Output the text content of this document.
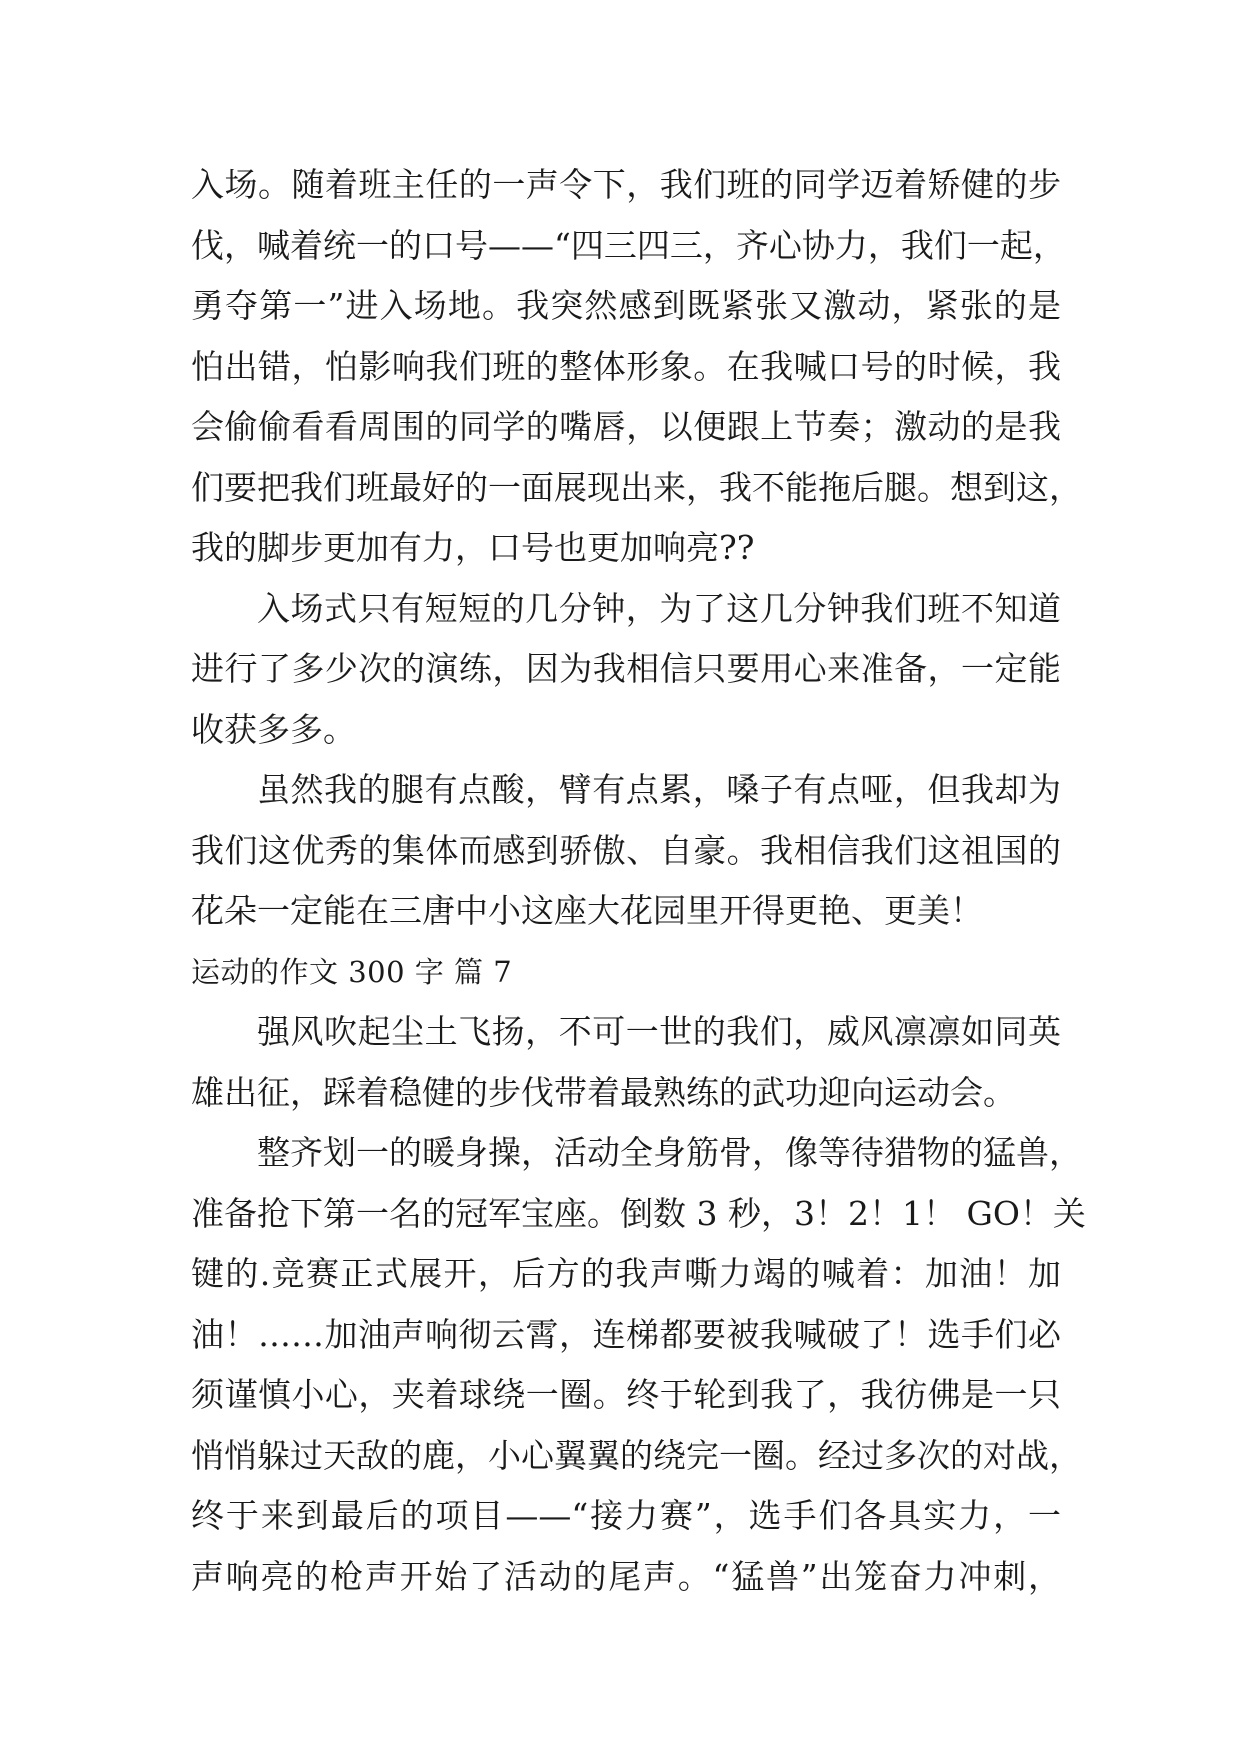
入场。随着班主任的一声令下，我们班的同学迈着矫健的步
伐，喊着统一的口号——“四三四三，齐心协力，我们一起，
勇夺第一”进入场地。我突然感到既紧张又激动，紧张的是
怕出错，怕影响我们班的整体形象。在我喊口号的时候，我
会偷偷看看周围的同学的嘴唇，以便跟上节奏；激动的是我
们要把我们班最好的一面展现出来，我不能拖后腿。想到这，
我的脚步更加有力，口号也更加响亮??
入场式只有短短的几分钟，为了这几分钟我们班不知道
进行了多少次的演练，因为我相信只要用心来准备，一定能
收获多多。
虽然我的腿有点酸，臂有点累，嗓子有点哑，但我却为
我们这优秀的集体而感到骄傲、自豪。我相信我们这祖国的
花朵一定能在三唐中小这座大花园里开得更艳、更美！
运动的作文 300 字 篇 7
强风吹起尘土飞扬，不可一世的我们，威风凛凛如同英
雄出征，踩着稳健的步伐带着最熟练的武功迎向运动会。
整齐划一的暖身操，活动全身筋骨，像等待猎物的猛兽，
准备抢下第一名的冠军宝座。倒数 3 秒，3！2！1！ GO！关
键的.竞赛正式展开，后方的我声嘶力竭的喊着：加油！加
油！……加油声响彻云霄，连梯都要被我喊破了！选手们必
须谨慎小心，夹着球绕一圈。终于轮到我了，我彷佛是一只
悄悄躲过天敌的鹿，小心翼翼的绕完一圈。经过多次的对战，
终于来到最后的项目——“接力赛”，选手们各具实力，一
声响亮的枪声开始了活动的尾声。“猛兽”出笼奋力冲刺，
